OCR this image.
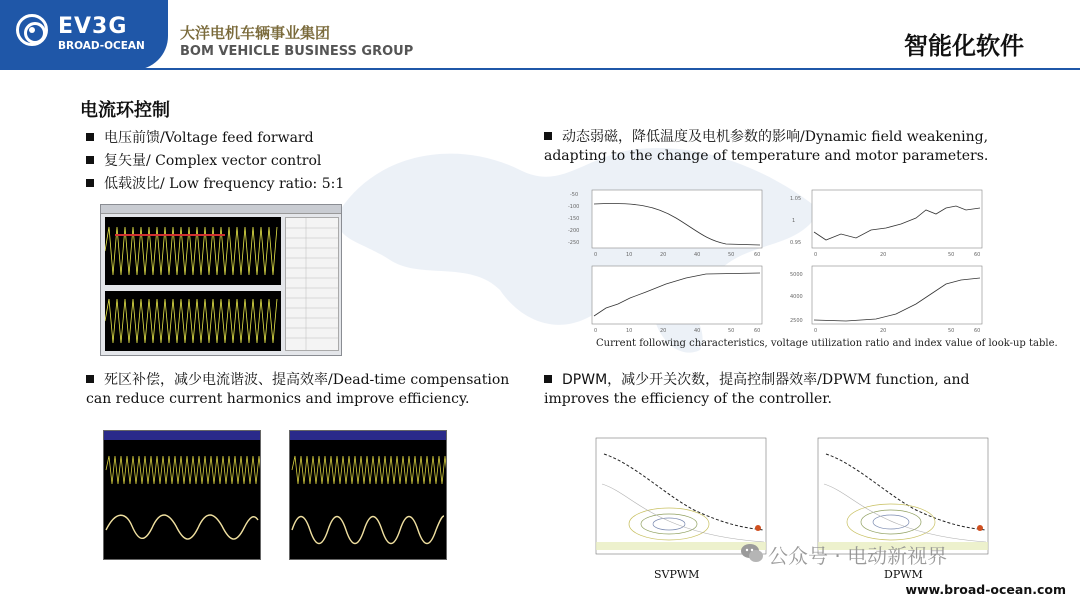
EV3G
BROAD-OCEAN
大洋电机车辆事业集团
BOM VEHICLE BUSINESS GROUP	智能化软件
电流环控制
电压前馈/Voltage feed forward
复矢量/ Complex vector control
低载波比/ Low frequency ratio: 5:1
动态弱磁，降低温度及电机参数的影响/Dynamic field weakening, adapting to the change of temperature and motor parameters.
-50
-100
-150
-200
-250
0	10	20	40	50	60
1.05
1
0.95
0	20	50	60
0	10	20	40	50	60
5000
4000
2500
0	20	50	60
Current following characteristics, voltage utilization ratio and index value of look-up table.
死区补偿，减少电流谐波、提高效率/Dead-time compensation can reduce current harmonics and improve efficiency.
DPWM，减少开关次数，提高控制器效率/DPWM function, and improves the efficiency of the controller.
SVPWM	DPWM
公众号 · 电动新视界
www.broad-ocean.com
